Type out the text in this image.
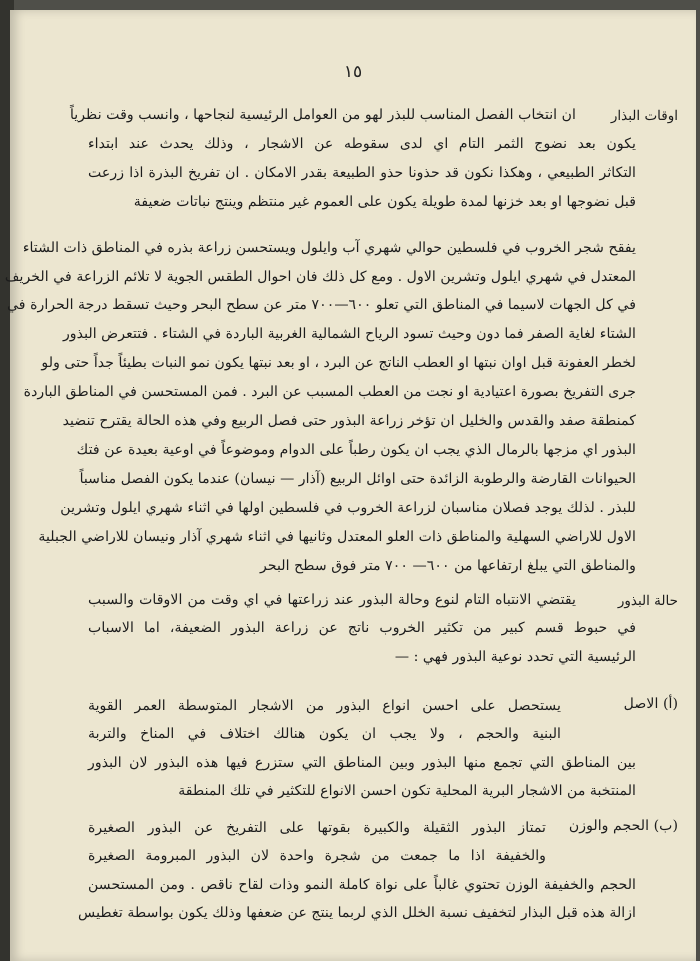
١٥
اوقات البذار
ان انتخاب الفصل المناسب للبذر لهو من العوامل الرئيسية لنجاحها ، وانسب وقت نظرياً
يكون بعد نضوج الثمر التام اي لدى سقوطه عن الاشجار ، وذلك يحدث عند ابتداء
التكاثر الطبيعي ، وهكذا نكون قد حذونا حذو الطبيعة بقدر الامكان . ان تفريخ البذرة اذا زرعت
قبل نضوجها او بعد خزنها لمدة طويلة يكون على العموم غير منتظم وينتج نباتات ضعيفة
يفقح شجر الخروب في فلسطين حوالي شهري آب وايلول ويستحسن زراعة بذره في المناطق ذات الشتاء
المعتدل في شهري ايلول وتشرين الاول . ومع كل ذلك فان احوال الطقس الجوية لا تلائم الزراعة في الخريف
في كل الجهات لاسيما في المناطق التي تعلو ٦٠٠—٧٠٠ متر عن سطح البحر وحيث تسقط درجة الحرارة في
الشتاء لغاية الصفر فما دون وحيث تسود الرياح الشمالية الغربية الباردة في الشتاء . فتتعرض البذور
لخطر العفونة قبل اوان نبتها او العطب الناتج عن البرد ، او بعد نبتها يكون نمو النبات بطيئاً جداً حتى ولو
جرى التفريخ بصورة اعتيادية او نجت من العطب المسبب عن البرد . فمن المستحسن في المناطق الباردة
كمنطقة صفد والقدس والخليل ان تؤخر زراعة البذور حتى فصل الربيع وفي هذه الحالة يقترح تنضيد
البذور اي مزجها بالرمال الذي يجب ان يكون رطباً على الدوام وموضوعاً في اوعية بعيدة عن فتك
الحيوانات القارضة والرطوبة الزائدة حتى اوائل الربيع (آذار — نيسان) عندما يكون الفصل مناسباً
للبذر . لذلك يوجد فصلان مناسبان لزراعة الخروب في فلسطين اولها في اثناء شهري ايلول وتشرين
الاول للاراضي السهلية والمناطق ذات العلو المعتدل وثانيها في اثناء شهري آذار ونيسان للاراضي الجبلية
والمناطق التي يبلغ ارتفاعها من ٦٠٠— ٧٠٠ متر فوق سطح البحر
حالة البذور
يقتضي الانتباه التام لنوع وحالة البذور عند زراعتها في اي وقت من الاوقات والسبب
في حبوط قسم كبير من تكثير الخروب ناتج عن زراعة البذور الضعيفة، اما الاسباب
الرئيسية التي تحدد نوعية البذور فهي : —
(أ) الاصل
يستحصل على احسن انواع البذور من الاشجار المتوسطة العمر القوية
البنية والحجم ، ولا يجب ان يكون هنالك اختلاف في المناخ والتربة
بين المناطق التي تجمع منها البذور وبين المناطق التي ستزرع فيها هذه البذور لان البذور
المنتخبة من الاشجار البرية المحلية تكون احسن الانواع للتكثير في تلك المنطقة
(ب) الحجم والوزن
تمتاز البذور الثقيلة والكبيرة بقوتها على التفريخ عن البذور الصغيرة
والخفيفة اذا ما جمعت من شجرة واحدة لان البذور المبرومة الصغيرة
الحجم والخفيفة الوزن تحتوي غالباً على نواة كاملة النمو وذات لقاح ناقص . ومن المستحسن
ازالة هذه قبل البذار لتخفيف نسبة الخلل الذي لربما ينتج عن ضعفها وذلك يكون بواسطة تغطيس
